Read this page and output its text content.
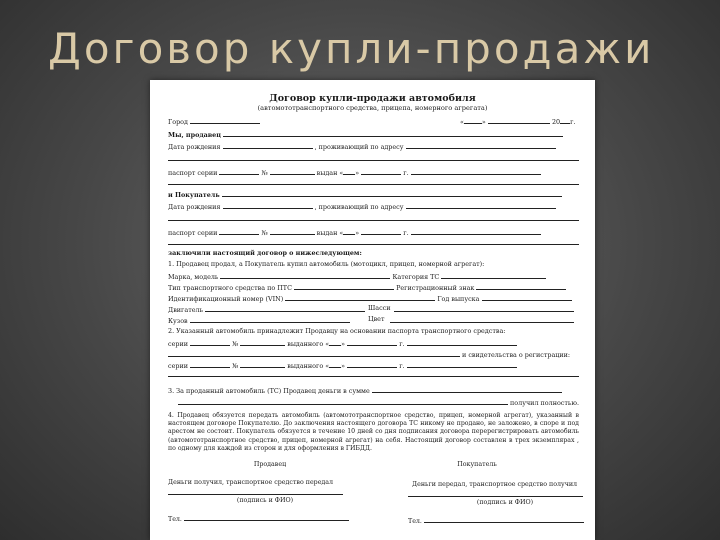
Договор купли-продажи
Договор купли-продажи автомобиля
(автомототранспортного средства, прицепа, номерного агрегата)
Город	«	»	20 г.
Мы, продавец
Дата рождения	, проживающий по адресу
паспорт серии	№	выдан « »	г.
и Покупатель
Дата рождения	, проживающий по адресу
паспорт серии	№	выдан « »	г.
заключили настоящий договор о нижеследующем:
1. Продавец продал, а Покупатель купил автомобиль (мотоцикл, прицеп, номерной агрегат):
Марка, модель	Категория ТС
Тип транспортного средства по ПТС	Регистрационный знак
Идентификационный номер (VIN)	Год выпуска
Двигатель	Шасси
Кузов	Цвет
2. Указанный автомобиль принадлежит Продавцу на основании паспорта транспортного средства:
серии	№	выданного « »	г.
и свидетельства о регистрации:
серии	№	выданного « »	г.
3. За проданный автомобиль (ТС) Продавец деньги в сумме
получил полностью.
4. Продавец обязуется передать автомобиль (автомототранспортное средство, прицеп, номерной агрегат), указанный в настоящем договоре Покупателю. До заключения настоящего договора ТС никому не продано, не заложено, в споре и под арестом не состоит. Покупатель обязуется в течение 10 дней со дня подписания договора перерегистрировать автомобиль (автомототранспортное средство, прицеп, номерной агрегат) на себя. Настоящий договор составлен в трех экземплярах , по одному для каждой из сторон и для оформления в ГИБДД.
Продавец	Покупатель
Деньги получил, транспортное средство передал	Деньги передал, транспортное средство получил
(подпись и ФИО)	(подпись и ФИО)
Тел.	Тел.
